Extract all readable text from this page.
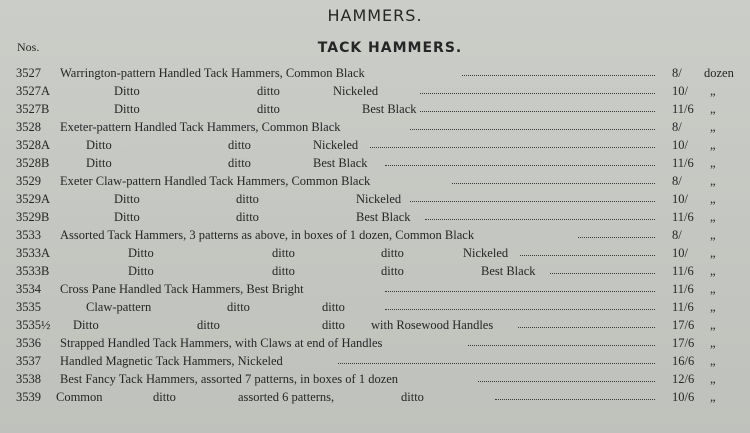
HAMMERS.
Nos.	TACK HAMMERS.
3527 Warrington-pattern Handled Tack Hammers, Common Black	8/ dozen
3527A	Ditto	ditto	Nickeled	10/ „
3527B	Ditto	ditto	Best Black	11/6 „
3528 Exeter-pattern Handled Tack Hammers, Common Black	8/ „
3528A	Ditto	ditto	Nickeled	10/ „
3528B	Ditto	ditto	Best Black	11/6 „
3529 Exeter Claw-pattern Handled Tack Hammers, Common Black	8/ „
3529A	Ditto	ditto	Nickeled	10/ „
3529B	Ditto	ditto	Best Black	11/6 „
3533 Assorted Tack Hammers, 3 patterns as above, in boxes of 1 dozen, Common Black	8/ „
3533A	Ditto	ditto	ditto	Nickeled	10/ „
3533B	Ditto	ditto	ditto	Best Black	11/6 „
3534 Cross Pane Handled Tack Hammers, Best Bright	11/6 „
3535	Claw-pattern	ditto	ditto	11/6 „
3535½ Ditto	ditto	ditto with Rosewood Handles	17/6 „
3536 Strapped Handled Tack Hammers, with Claws at end of Handles	17/6 „
3537 Handled Magnetic Tack Hammers, Nickeled	16/6 „
3538 Best Fancy Tack Hammers, assorted 7 patterns, in boxes of 1 dozen	12/6 „
3539 Common	ditto	assorted 6 patterns,	ditto	10/6 „
